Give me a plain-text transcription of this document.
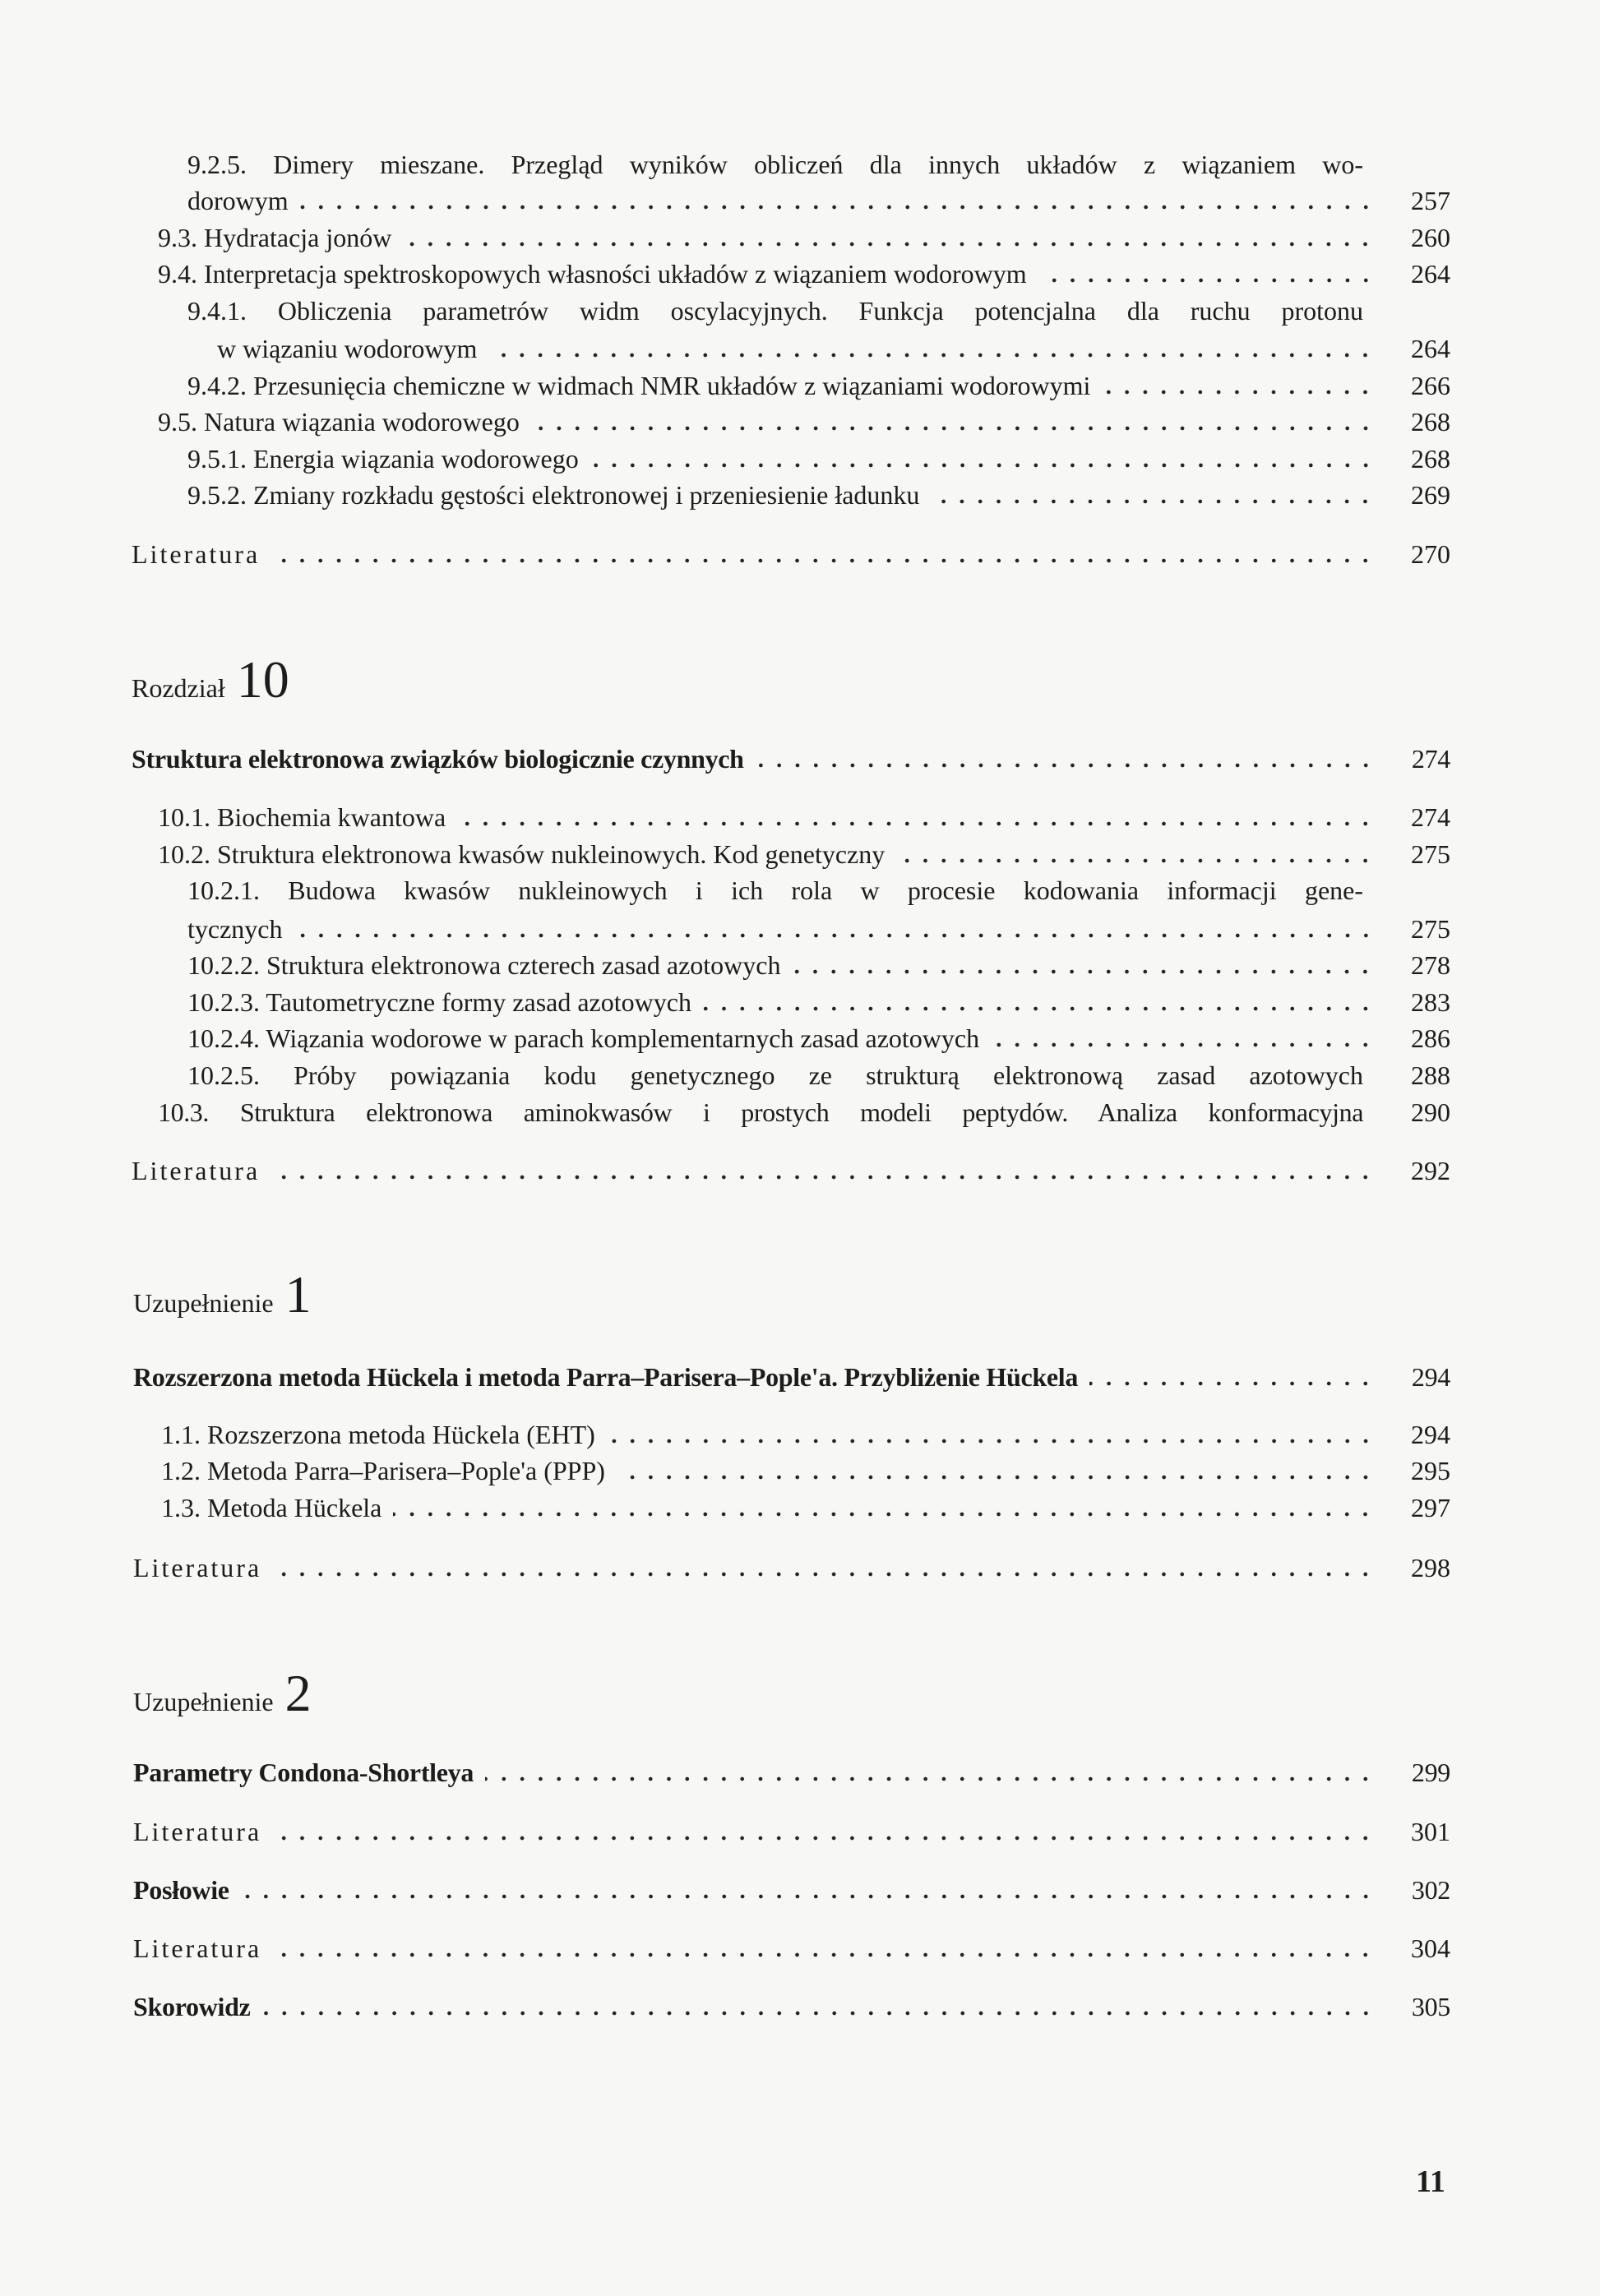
9.2.5. Dimery mieszane. Przegląd wyników obliczeń dla innych układów z wiązaniem wo-
dorowym	257
9.3. Hydratacja jonów	260
9.4. Interpretacja spektroskopowych własności układów z wiązaniem wodorowym	264
9.4.1. Obliczenia parametrów widm oscylacyjnych. Funkcja potencjalna dla ruchu protonu
w wiązaniu wodorowym	264
9.4.2. Przesunięcia chemiczne w widmach NMR układów z wiązaniami wodorowymi	266
9.5. Natura wiązania wodorowego	268
9.5.1. Energia wiązania wodorowego	268
9.5.2. Zmiany rozkładu gęstości elektronowej i przeniesienie ładunku	269
Literatura	270
Rozdział 10
Struktura elektronowa związków biologicznie czynnych	274
10.1. Biochemia kwantowa	274
10.2. Struktura elektronowa kwasów nukleinowych. Kod genetyczny	275
10.2.1. Budowa kwasów nukleinowych i ich rola w procesie kodowania informacji gene-
tycznych	275
10.2.2. Struktura elektronowa czterech zasad azotowych	278
10.2.3. Tautometryczne formy zasad azotowych	283
10.2.4. Wiązania wodorowe w parach komplementarnych zasad azotowych	286
10.2.5. Próby powiązania kodu genetycznego ze strukturą elektronową zasad azotowych	288
10.3. Struktura elektronowa aminokwasów i prostych modeli peptydów. Analiza konformacyjna	290
Literatura	292
Uzupełnienie 1
Rozszerzona metoda Hückela i metoda Parra–Parisera–Pople'a. Przybliżenie Hückela	294
1.1. Rozszerzona metoda Hückela (EHT)	294
1.2. Metoda Parra–Parisera–Pople'a (PPP)	295
1.3. Metoda Hückela	297
Literatura	298
Uzupełnienie 2
Parametry Condona-Shortleya	299
Literatura	301
Posłowie	302
Literatura	304
Skorowidz	305
11
